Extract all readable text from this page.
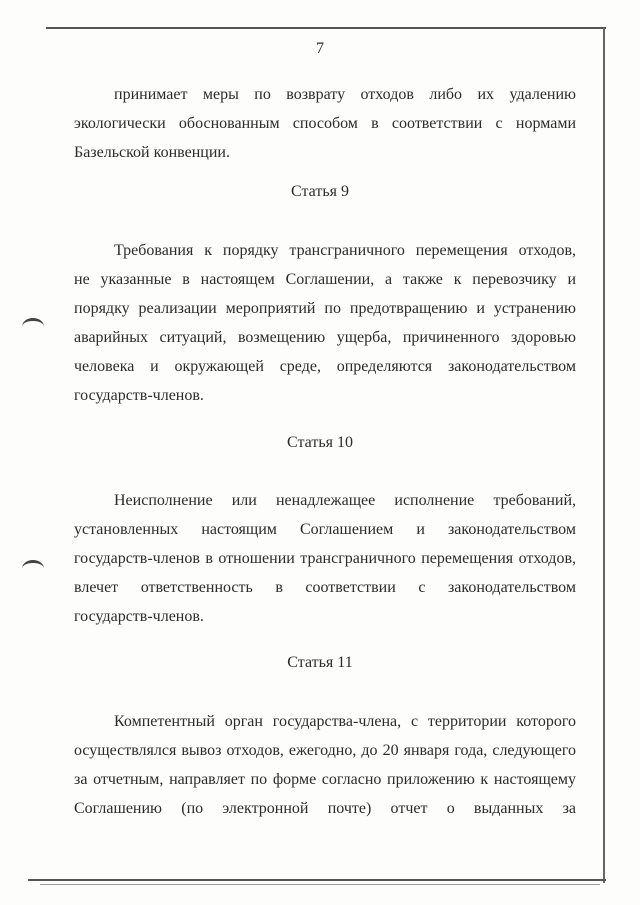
7
принимает меры по возврату отходов либо их удалению
экологически обоснованным способом в соответствии с нормами
Базельской конвенции.
Статья 9
Требования к порядку трансграничного перемещения отходов,
не указанные в настоящем Соглашении, а также к перевозчику и
порядку реализации мероприятий по предотвращению и устранению
аварийных ситуаций, возмещению ущерба, причиненного здоровью
человека и окружающей среде, определяются законодательством
государств-членов.
Статья 10
Неисполнение или ненадлежащее исполнение требований,
установленных настоящим Соглашением и законодательством
государств-членов в отношении трансграничного перемещения отходов,
влечет ответственность в соответствии с законодательством
государств-членов.
Статья 11
Компетентный орган государства-члена, с территории которого
осуществлялся вывоз отходов, ежегодно, до 20 января года, следующего
за отчетным, направляет по форме согласно приложению к настоящему
Соглашению (по электронной почте) отчет о выданных за
